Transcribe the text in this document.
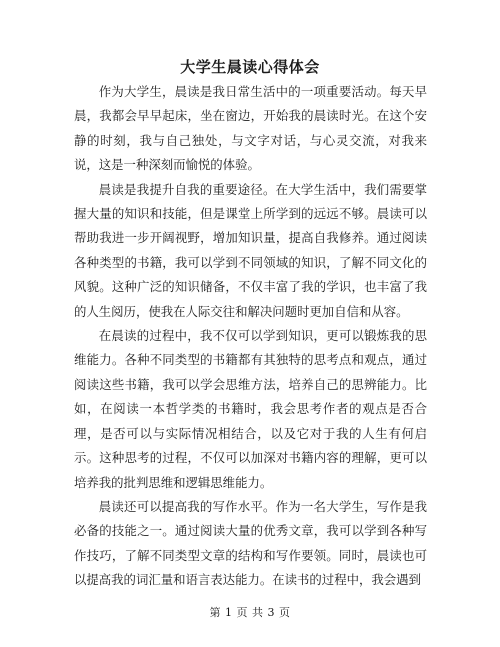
大学生晨读心得体会

作为大学生，晨读是我日常生活中的一项重要活动。每天早晨，我都会早早起床，坐在窗边，开始我的晨读时光。在这个安静的时刻，我与自己独处，与文字对话，与心灵交流，对我来说，这是一种深刻而愉悦的体验。

晨读是我提升自我的重要途径。在大学生活中，我们需要掌握大量的知识和技能，但是课堂上所学到的远远不够。晨读可以帮助我进一步开阔视野，增加知识量，提高自我修养。通过阅读各种类型的书籍，我可以学到不同领域的知识，了解不同文化的风貌。这种广泛的知识储备，不仅丰富了我的学识，也丰富了我的人生阅历，使我在人际交往和解决问题时更加自信和从容。

在晨读的过程中，我不仅可以学到知识，更可以锻炼我的思维能力。各种不同类型的书籍都有其独特的思考点和观点，通过阅读这些书籍，我可以学会思维方法，培养自己的思辨能力。比如，在阅读一本哲学类的书籍时，我会思考作者的观点是否合理，是否可以与实际情况相结合，以及它对于我的人生有何启示。这种思考的过程，不仅可以加深对书籍内容的理解，更可以培养我的批判思维和逻辑思维能力。

晨读还可以提高我的写作水平。作为一名大学生，写作是我必备的技能之一。通过阅读大量的优秀文章，我可以学到各种写作技巧，了解不同类型文章的结构和写作要领。同时，晨读也可以提高我的词汇量和语言表达能力。在读书的过程中，我会遇到

第 1 页 共 3 页
